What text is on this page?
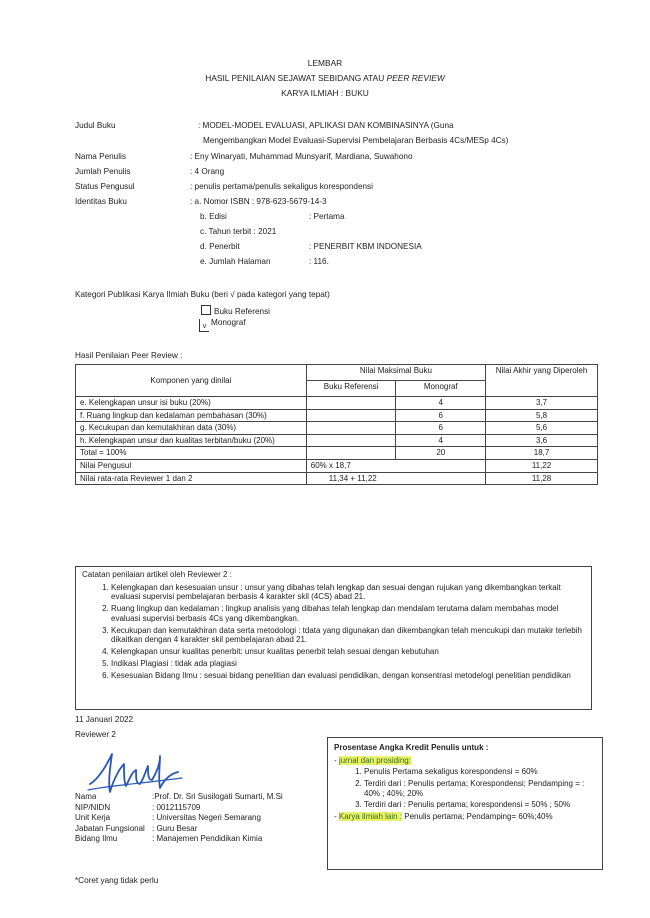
LEMBAR
HASIL PENILAIAN SEJAWAT SEBIDANG ATAU PEER REVIEW
KARYA ILMIAH : BUKU
Judul Buku	: MODEL-MODEL EVALUASI, APLIKASI DAN KOMBINASINYA (Guna
Mengembangkan Model Evaluasi-Supervisi Pembelajaran Berbasis 4Cs/MESp 4Cs)
Nama Penulis	: Eny Winaryati, Muhammad Munsyarif, Mardiana, Suwahono
Jumlah Penulis	: 4 Orang
Status Pengusul	: penulis pertama/penulis sekaligus korespondensi
Identitas Buku	: a. Nomor ISBN : 978-623-5679-14-3
b. Edisi	: Pertama
c. Tahun terbit : 2021
d. Penerbit	: PENERBIT KBM INDONESIA
e. Jumlah Halaman	: 116.
Kategori Publikasi Karya Ilmiah Buku (beri √ pada kategori yang tepat)
Buku Referensi
v Monograf
Hasil Penilaian Peer Review :
Komponen yang dinilai	Nilai Maksimal Buku		Nilai Akhir yang Diperoleh
	Buku Referensi	Monograf	
e. Kelengkapan unsur isi buku (20%)		4	3,7
f. Ruang lingkup dan kedalaman pembahasan (30%)		6	5,8
g. Kecukupan dan kemutakhiran data (30%)		6	5,6
h. Kelengkapan unsur dan kualitas terbitan/buku (20%)		4	3,6
Total = 100%		20	18,7
Nilai Pengusul	60% x 18,7		11,22
Nilai rata-rata Reviewer 1 dan 2	11,34 + 11,22		11,28
Catatan penilaian artikel oleh Reviewer 2 :
1. Kelengkapan dan kesesuaian unsur : unsur yang dibahas telah lengkap dan sesuai dengan rujukan yang dikembangkan terkait evaluasi supervisi pembelajaran berbasis 4 karakter skil (4CS) abad 21.
2. Ruang lingkup dan kedalaman : lingkup analisis yang dibahas telah lengkap dan mendalam terutama dalam membahas model evaluasi supervisi berbasis 4Cs yang dikembangkan.
3. Kecukupan dan kemutakhiran data serta metodologi : tdata yang digunakan dan dikembangkan telah mencukupi dan mutakir terlebih dikaitkan dengan 4 karakter skil pembelajaran abad 21.
4. Kelengkapan unsur kualitas penerbit: unsur kualitas penerbit telah sesuai dengan kebutuhan
5. Indikasi Plagiasi : tidak ada plagiasi
6. Kesesuaian Bidang Ilmu : sesuai bidang penelitian dan evaluasi pendidikan, dengan konsentrasi metodelogi penelitian pendidikan
11 Januari 2022
Reviewer 2
Nama	:Prof. Dr. Sri Susilogati Sumarti, M.Si
NIP/NIDN	: 0012115709
Unit Kerja	: Universitas Negeri Semarang
Jabatan Fungsional	: Guru Besar
Bidang Ilmu	: Manajemen Pendidikan Kimia
Prosentase Angka Kredit Penulis untuk :
- jurnal dan prosiding:
1. Penulis Pertama sekaligus korespondensi = 60%
2. Terdiri dari : Penulis pertama; Korespondensi; Pendamping = : 40% ; 40%; 20%
3. Terdiri dari : Penulis pertama; korespondensi = 50% ; 50%
- Karya ilmiah lain : Penulis pertama; Pendamping= 60%;40%
*Coret yang tidak perlu
